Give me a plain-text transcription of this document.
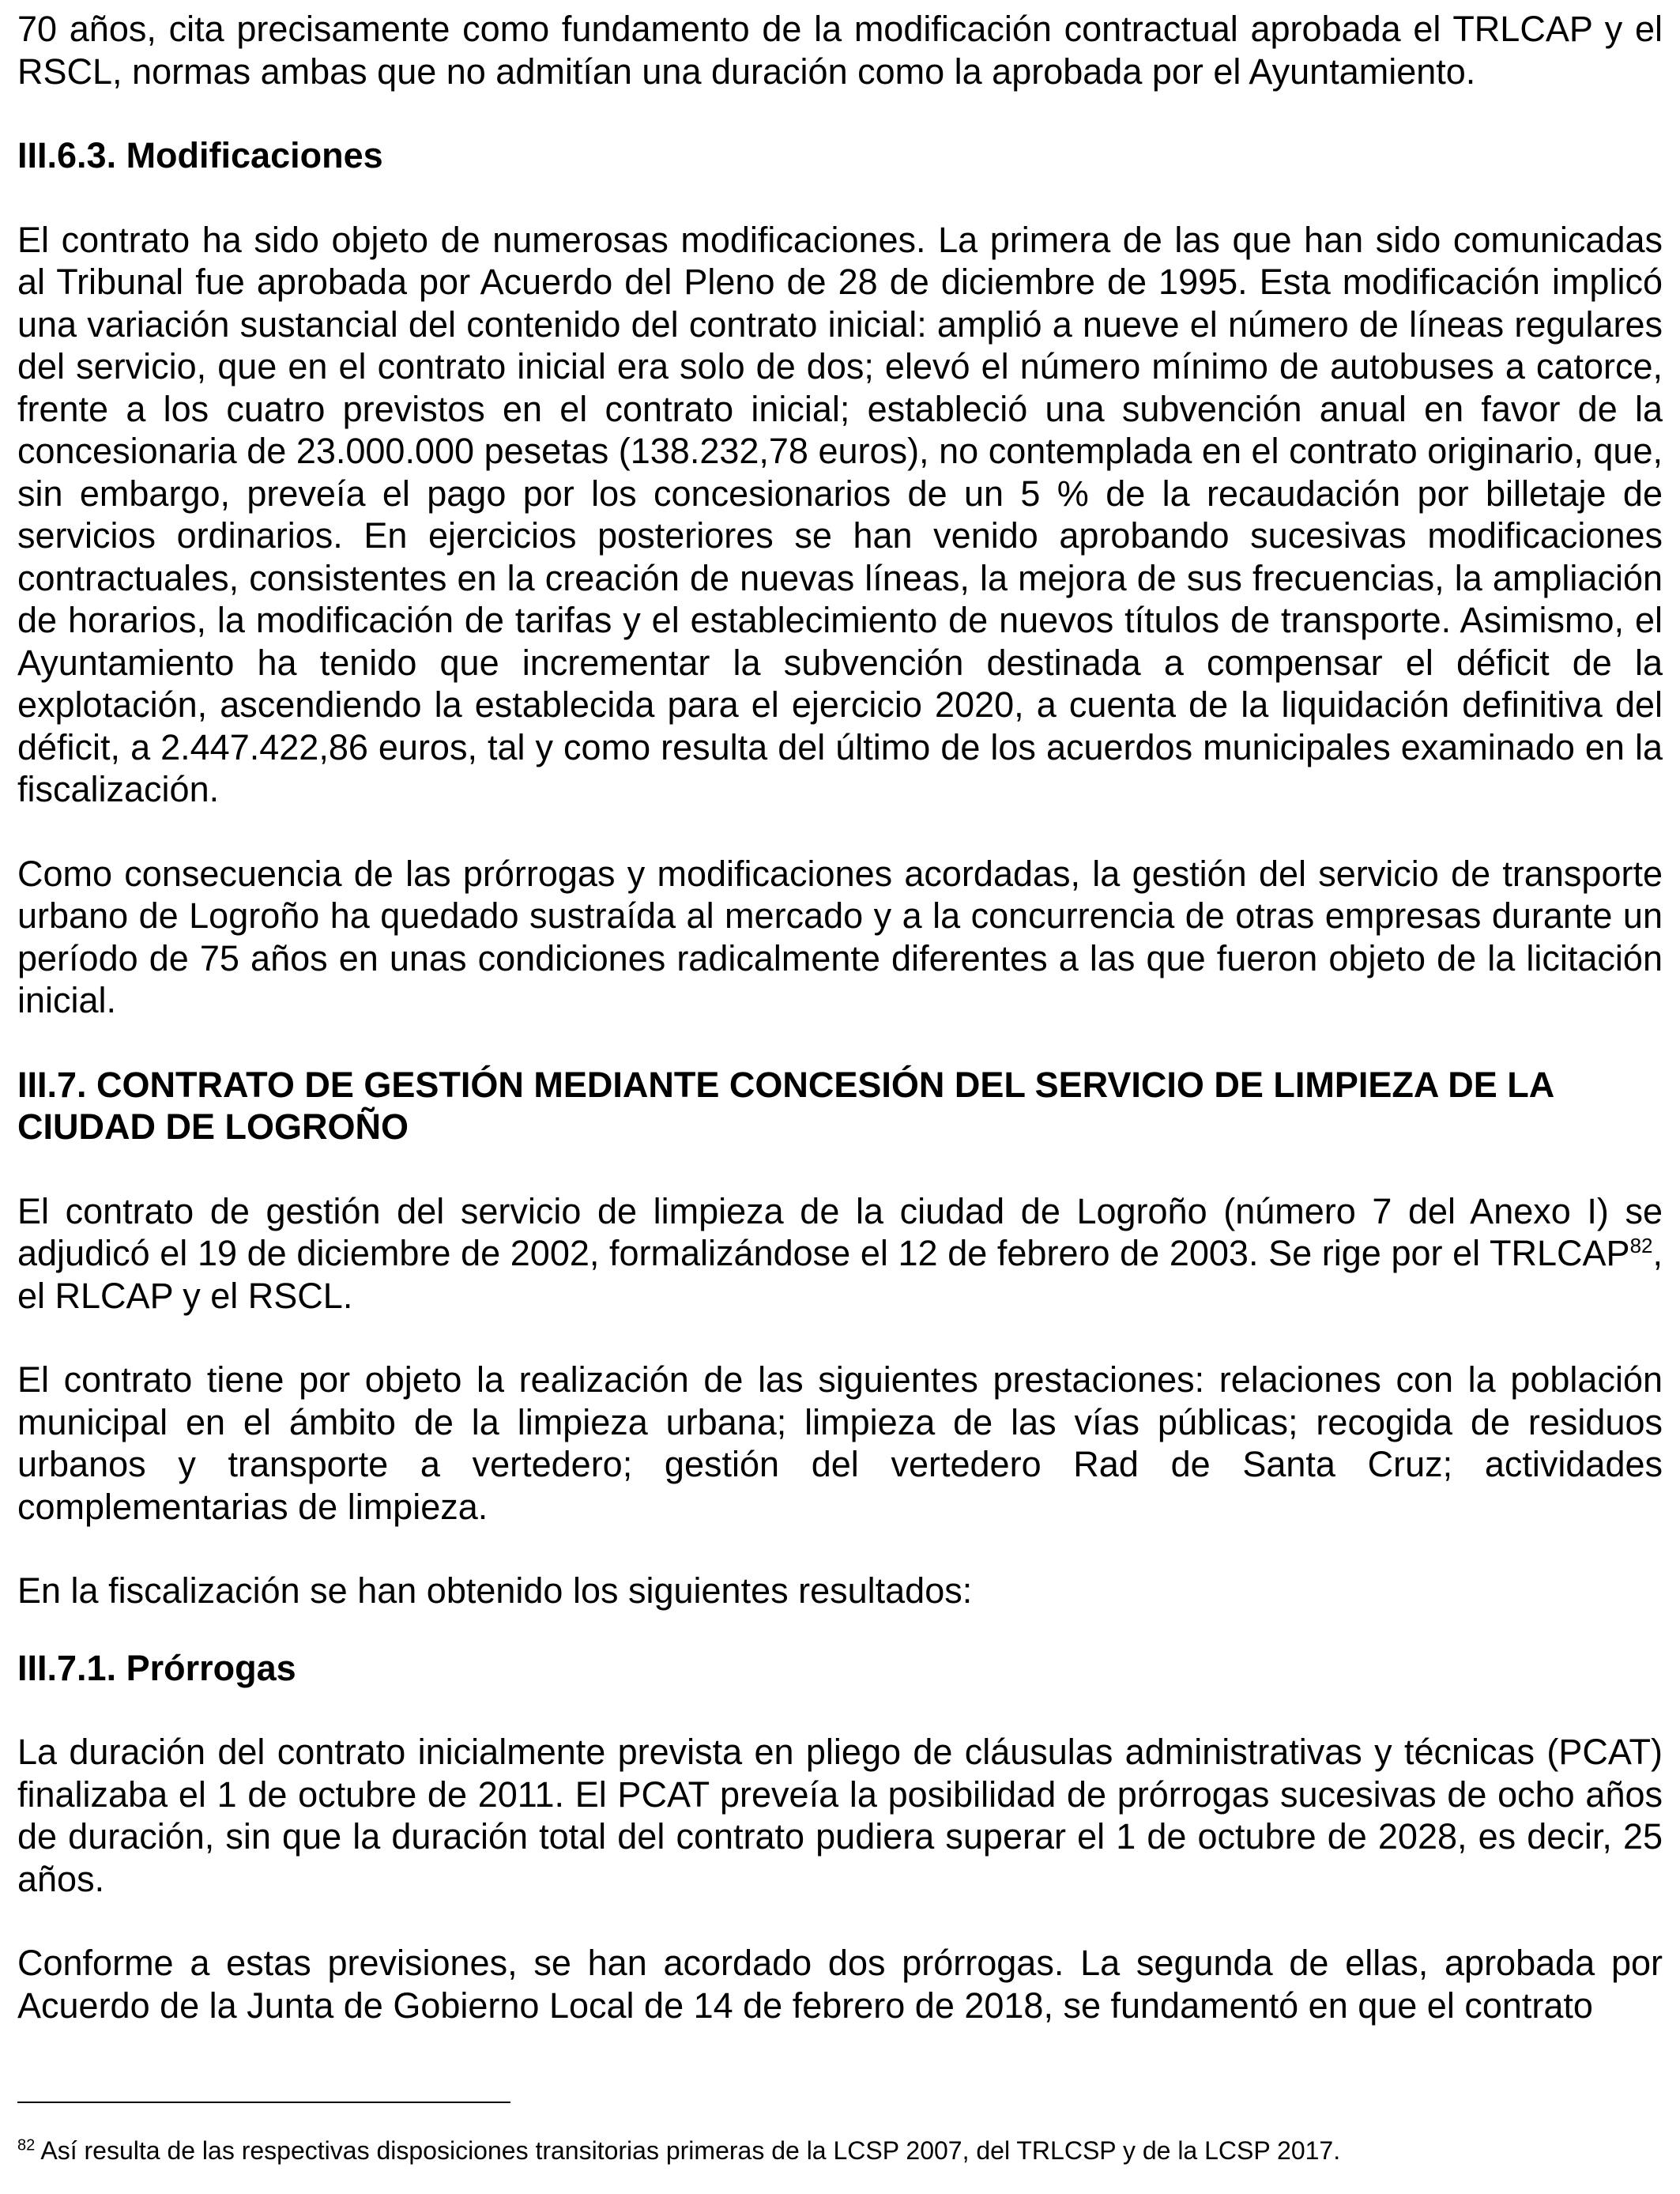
70 años, cita precisamente como fundamento de la modificación contractual aprobada el TRLCAP y el RSCL, normas ambas que no admitían una duración como la aprobada por el Ayuntamiento.

III.6.3. Modificaciones

El contrato ha sido objeto de numerosas modificaciones. La primera de las que han sido comunicadas al Tribunal fue aprobada por Acuerdo del Pleno de 28 de diciembre de 1995. Esta modificación implicó una variación sustancial del contenido del contrato inicial: amplió a nueve el número de líneas regulares del servicio, que en el contrato inicial era solo de dos; elevó el número mínimo de autobuses a catorce, frente a los cuatro previstos en el contrato inicial; estableció una subvención anual en favor de la concesionaria de 23.000.000 pesetas (138.232,78 euros), no contemplada en el contrato originario, que, sin embargo, preveía el pago por los concesionarios de un 5 % de la recaudación por billetaje de servicios ordinarios. En ejercicios posteriores se han venido aprobando sucesivas modificaciones contractuales, consistentes en la creación de nuevas líneas, la mejora de sus frecuencias, la ampliación de horarios, la modificación de tarifas y el establecimiento de nuevos títulos de transporte. Asimismo, el Ayuntamiento ha tenido que incrementar la subvención destinada a compensar el déficit de la explotación, ascendiendo la establecida para el ejercicio 2020, a cuenta de la liquidación definitiva del déficit, a 2.447.422,86 euros, tal y como resulta del último de los acuerdos municipales examinado en la fiscalización.

Como consecuencia de las prórrogas y modificaciones acordadas, la gestión del servicio de transporte urbano de Logroño ha quedado sustraída al mercado y a la concurrencia de otras empresas durante un período de 75 años en unas condiciones radicalmente diferentes a las que fueron objeto de la licitación inicial.

III.7. CONTRATO DE GESTIÓN MEDIANTE CONCESIÓN DEL SERVICIO DE LIMPIEZA DE LA CIUDAD DE LOGROÑO

El contrato de gestión del servicio de limpieza de la ciudad de Logroño (número 7 del Anexo I) se adjudicó el 19 de diciembre de 2002, formalizándose el 12 de febrero de 2003. Se rige por el TRLCAP$^{82}$, el RLCAP y el RSCL.

El contrato tiene por objeto la realización de las siguientes prestaciones: relaciones con la población municipal en el ámbito de la limpieza urbana; limpieza de las vías públicas; recogida de residuos urbanos y transporte a vertedero; gestión del vertedero Rad de Santa Cruz; actividades complementarias de limpieza.

En la fiscalización se han obtenido los siguientes resultados:

III.7.1. Prórrogas

La duración del contrato inicialmente prevista en pliego de cláusulas administrativas y técnicas (PCAT) finalizaba el 1 de octubre de 2011. El PCAT preveía la posibilidad de prórrogas sucesivas de ocho años de duración, sin que la duración total del contrato pudiera superar el 1 de octubre de 2028, es decir, 25 años.

Conforme a estas previsiones, se han acordado dos prórrogas. La segunda de ellas, aprobada por Acuerdo de la Junta de Gobierno Local de 14 de febrero de 2018, se fundamentó en que el contrato

$^{82}$ Así resulta de las respectivas disposiciones transitorias primeras de la LCSP 2007, del TRLCSP y de la LCSP 2017.
